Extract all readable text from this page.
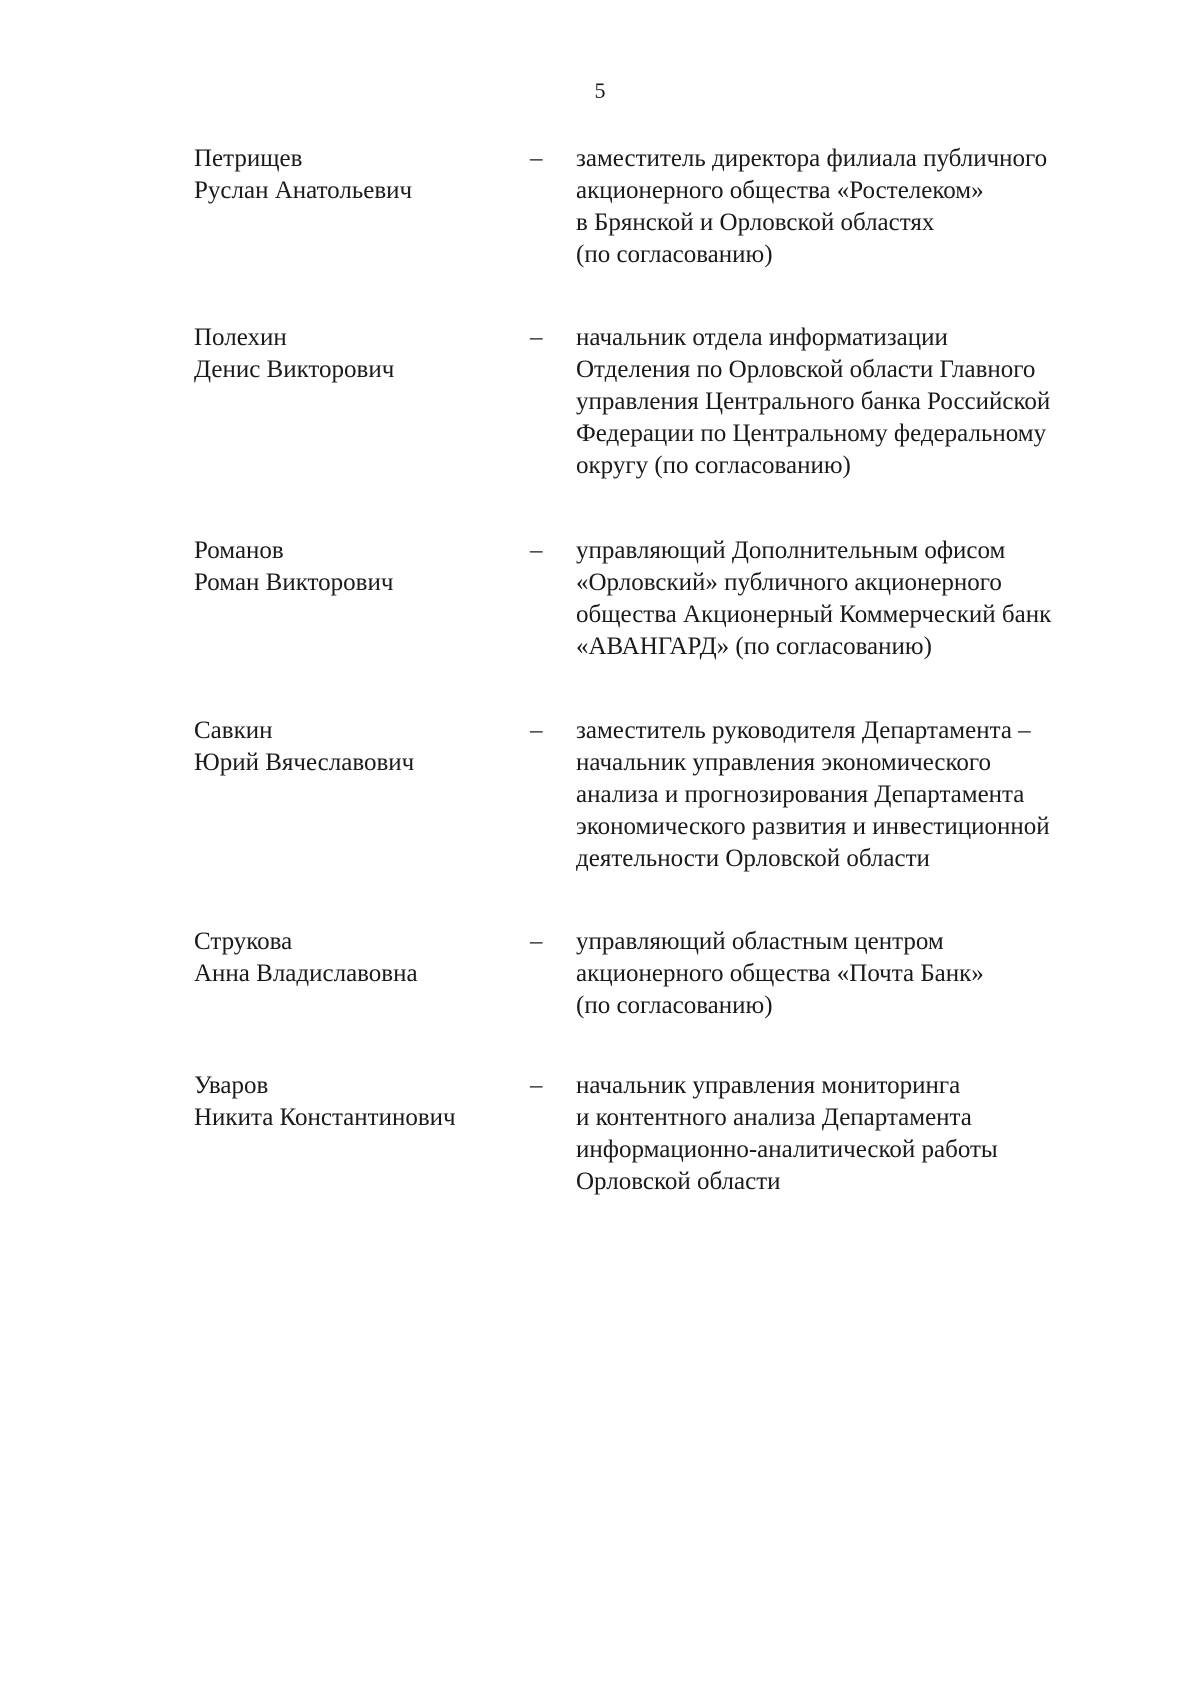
5
Петрищев
Руслан Анатольевич
–	заместитель директора филиала публичного
акционерного общества «Ростелеком»
в Брянской и Орловской областях
(по согласованию)
Полехин
Денис Викторович
–	начальник отдела информатизации
Отделения по Орловской области Главного
управления Центрального банка Российской
Федерации по Центральному федеральному
округу (по согласованию)
Романов
Роман Викторович
–	управляющий Дополнительным офисом
«Орловский» публичного акционерного
общества Акционерный Коммерческий банк
«АВАНГАРД» (по согласованию)
Савкин
Юрий Вячеславович
–	заместитель руководителя Департамента –
начальник управления экономического
анализа и прогнозирования Департамента
экономического развития и инвестиционной
деятельности Орловской области
Струкова
Анна Владиславовна
–	управляющий областным центром
акционерного общества «Почта Банк»
(по согласованию)
Уваров
Никита Константинович
–	начальник управления мониторинга
и контентного анализа Департамента
информационно-аналитической работы
Орловской области
